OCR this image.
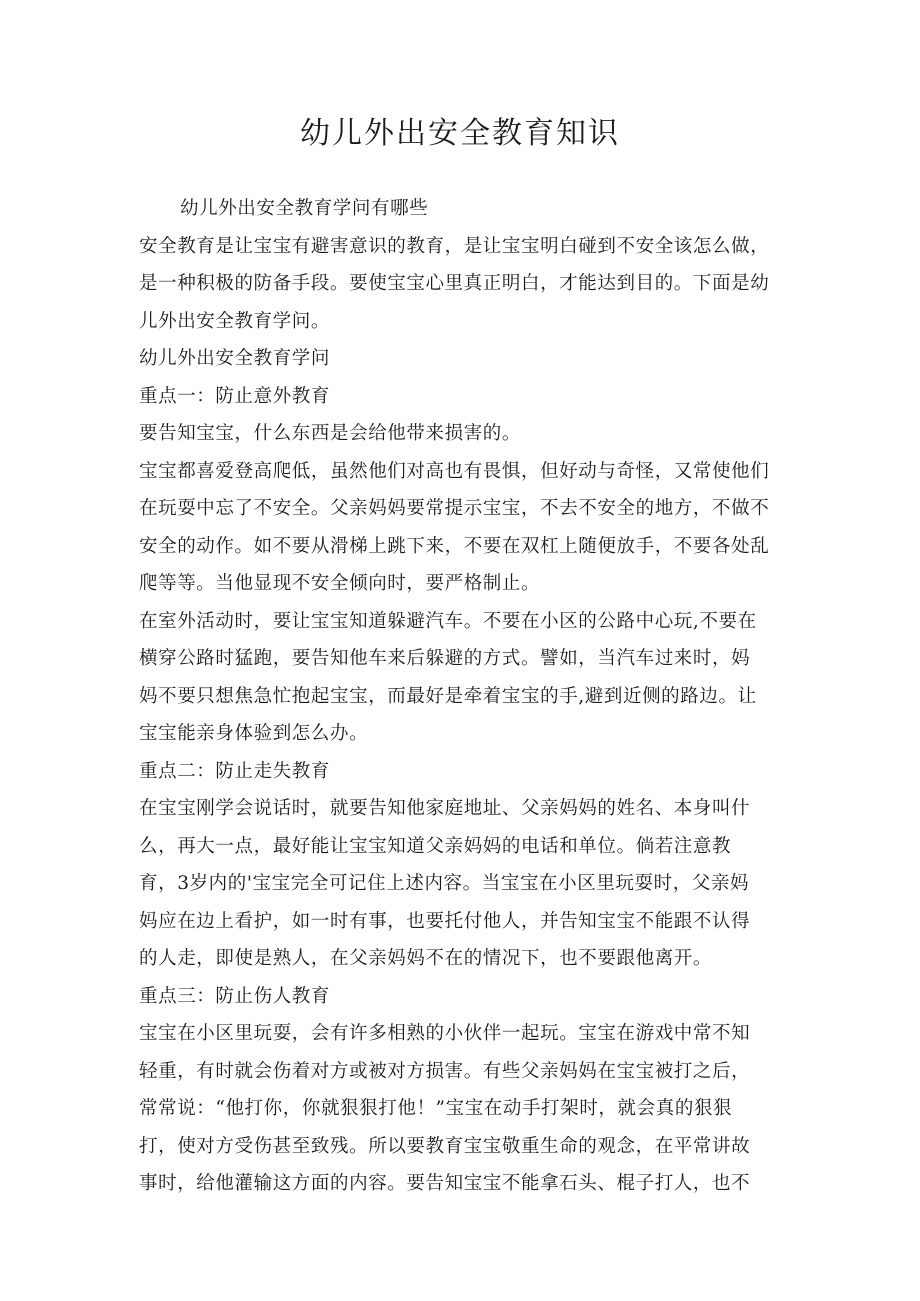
幼儿外出安全教育知识
幼儿外出安全教育学问有哪些
安全教育是让宝宝有避害意识的教育，是让宝宝明白碰到不安全该怎么做，
是一种积极的防备手段。要使宝宝心里真正明白，才能达到目的。下面是幼
儿外出安全教育学问。
幼儿外出安全教育学问
重点一：防止意外教育
要告知宝宝，什么东西是会给他带来损害的。
宝宝都喜爱登高爬低，虽然他们对高也有畏惧，但好动与奇怪，又常使他们
在玩耍中忘了不安全。父亲妈妈要常提示宝宝，不去不安全的地方，不做不
安全的动作。如不要从滑梯上跳下来，不要在双杠上随便放手，不要各处乱
爬等等。当他显现不安全倾向时，要严格制止。
在室外活动时，要让宝宝知道躲避汽车。不要在小区的公路中心玩,不要在
横穿公路时猛跑，要告知他车来后躲避的方式。譬如，当汽车过来时，妈
妈不要只想焦急忙抱起宝宝，而最好是牵着宝宝的手,避到近侧的路边。让
宝宝能亲身体验到怎么办。
重点二：防止走失教育
在宝宝刚学会说话时，就要告知他家庭地址、父亲妈妈的姓名、本身叫什
么，再大一点，最好能让宝宝知道父亲妈妈的电话和单位。倘若注意教
育，3岁内的'宝宝完全可记住上述内容。当宝宝在小区里玩耍时，父亲妈
妈应在边上看护，如一时有事，也要托付他人，并告知宝宝不能跟不认得
的人走，即使是熟人，在父亲妈妈不在的情况下，也不要跟他离开。
重点三：防止伤人教育
宝宝在小区里玩耍，会有许多相熟的小伙伴一起玩。宝宝在游戏中常不知
轻重，有时就会伤着对方或被对方损害。有些父亲妈妈在宝宝被打之后，
常常说：“他打你，你就狠狠打他！”宝宝在动手打架时，就会真的狠狠
打，使对方受伤甚至致残。所以要教育宝宝敬重生命的观念，在平常讲故
事时，给他灌输这方面的内容。要告知宝宝不能拿石头、棍子打人，也不
